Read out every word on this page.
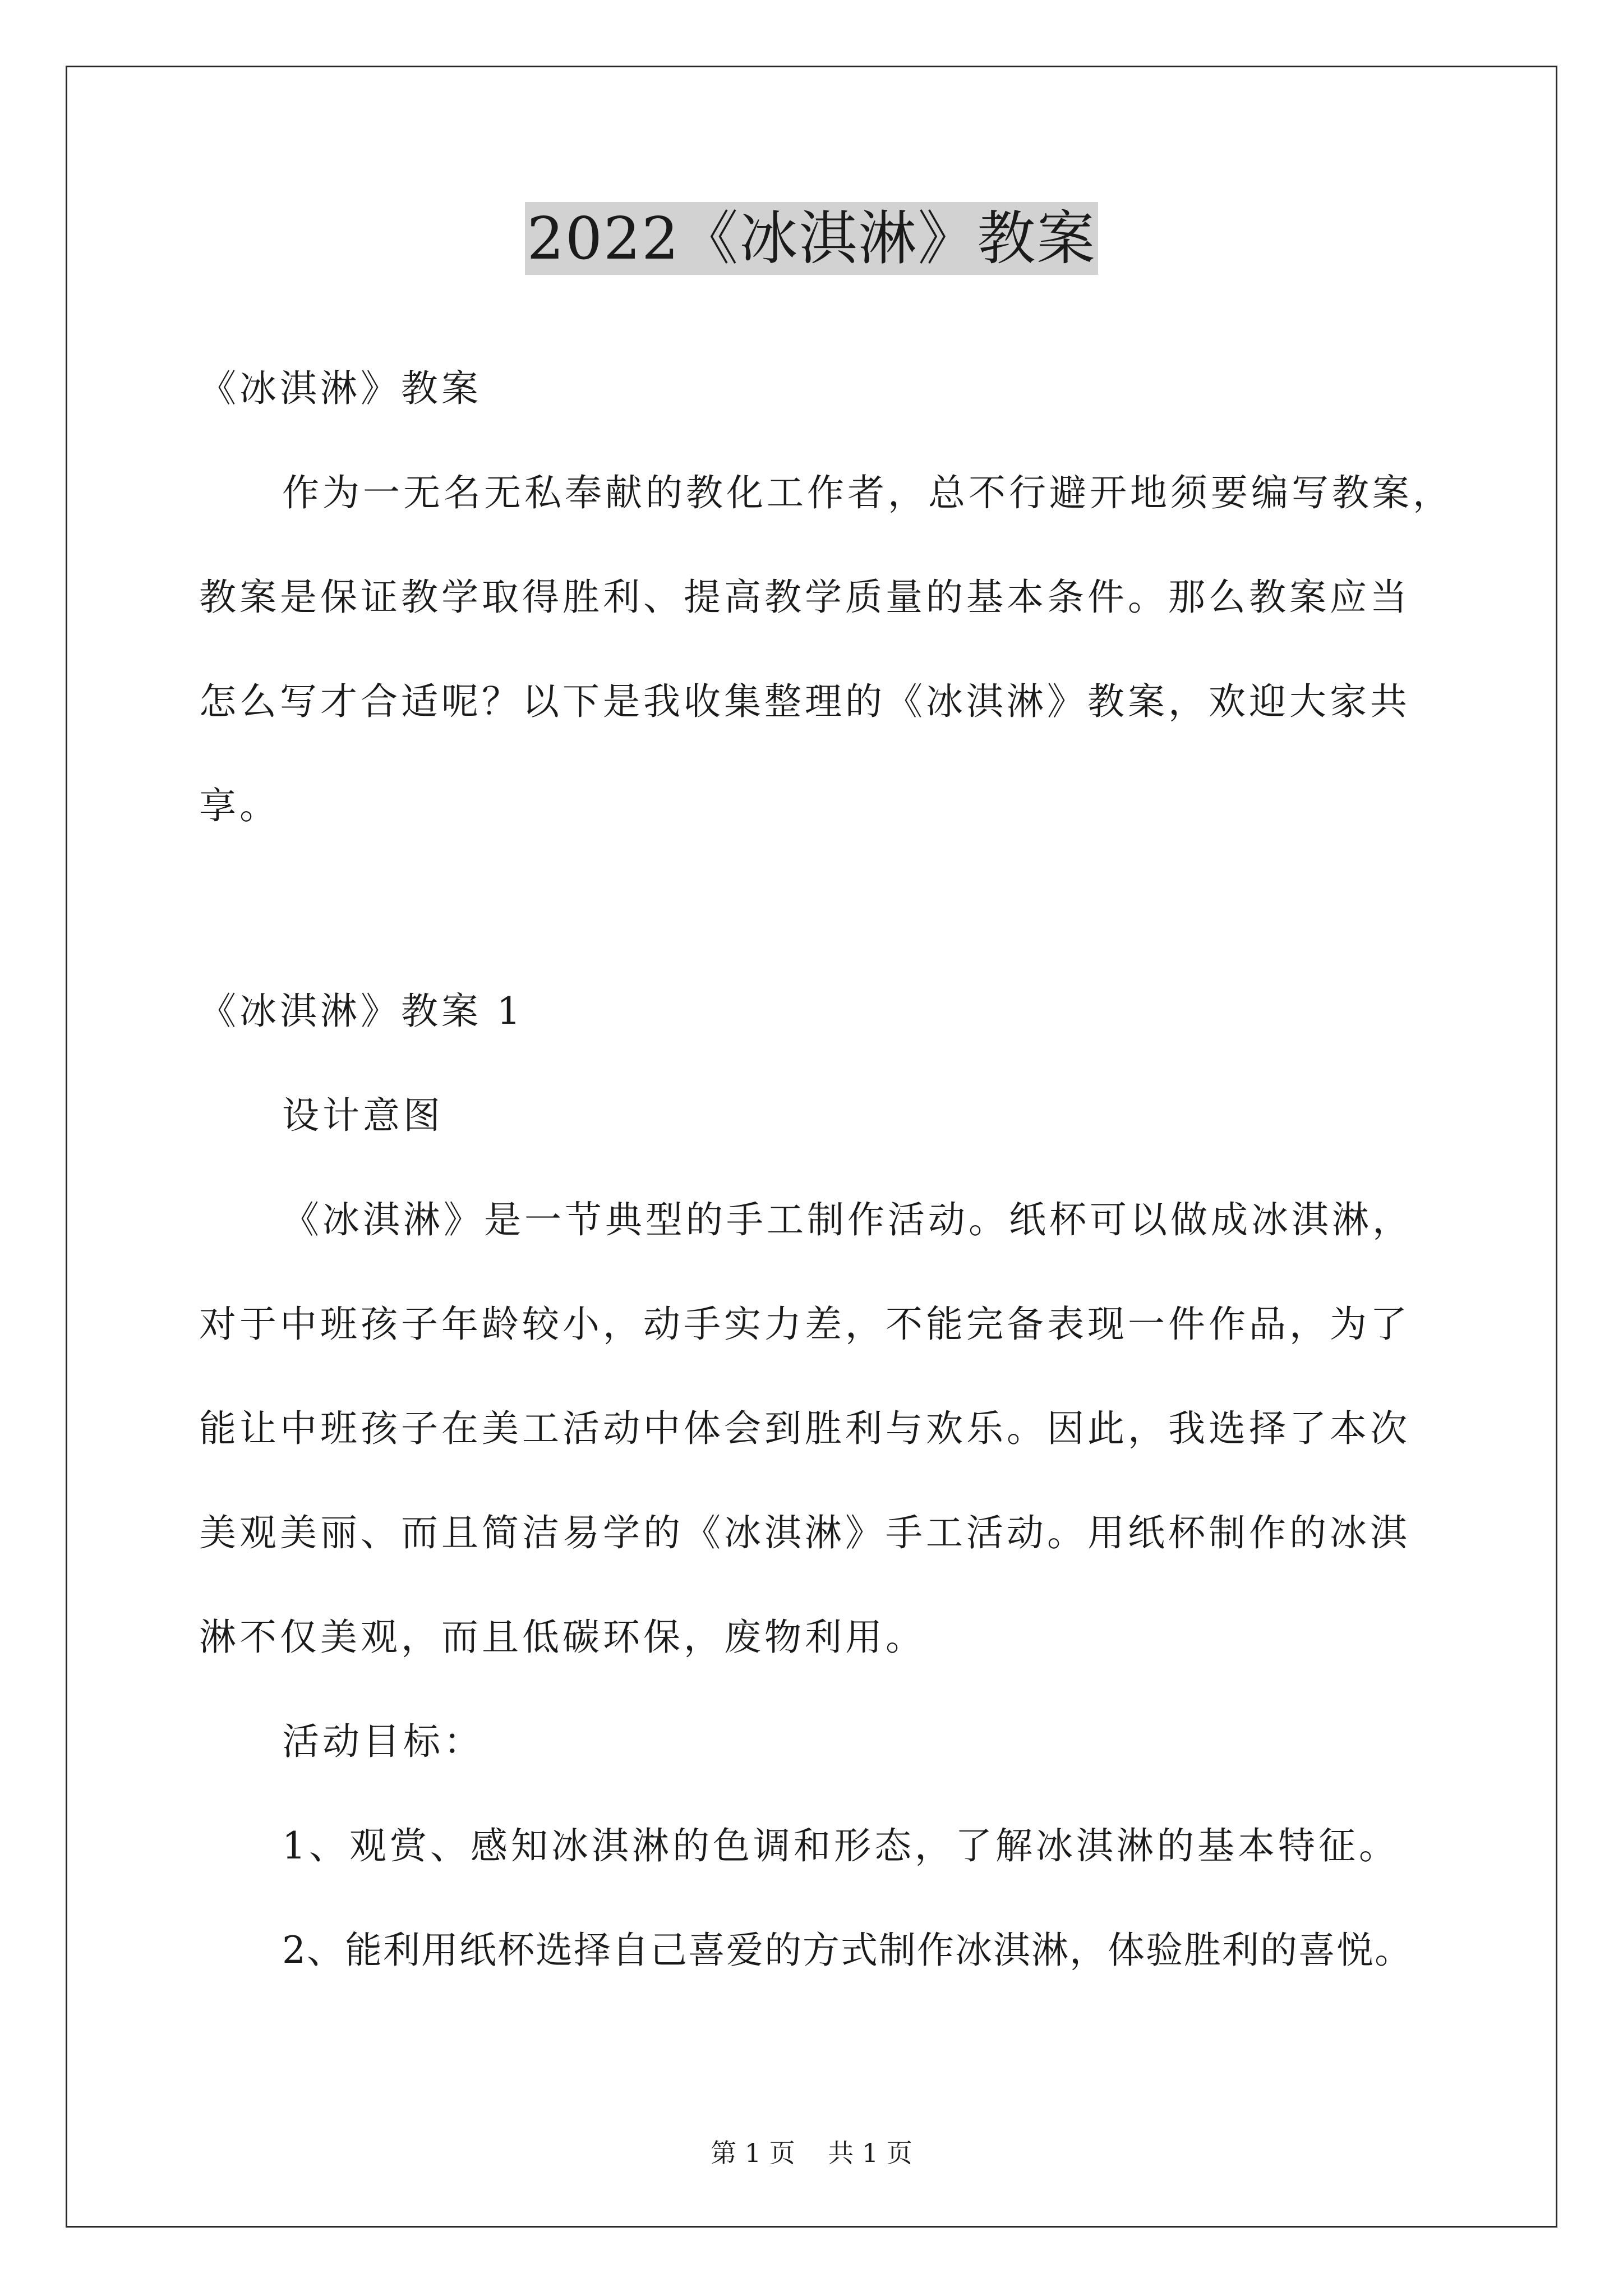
2022《冰淇淋》教案
《冰淇淋》教案
作为一无名无私奉献的教化工作者，总不行避开地须要编写教案，
教案是保证教学取得胜利、提高教学质量的基本条件。那么教案应当
怎么写才合适呢？以下是我收集整理的《冰淇淋》教案，欢迎大家共
享。
《冰淇淋》教案 1
设计意图
《冰淇淋》是一节典型的手工制作活动。纸杯可以做成冰淇淋，
对于中班孩子年龄较小，动手实力差，不能完备表现一件作品，为了
能让中班孩子在美工活动中体会到胜利与欢乐。因此，我选择了本次
美观美丽、而且简洁易学的《冰淇淋》手工活动。用纸杯制作的冰淇
淋不仅美观，而且低碳环保，废物利用。
活动目标：
1、观赏、感知冰淇淋的色调和形态，了解冰淇淋的基本特征。
2、能利用纸杯选择自己喜爱的方式制作冰淇淋，体验胜利的喜悦。
第 1 页    共 1 页
